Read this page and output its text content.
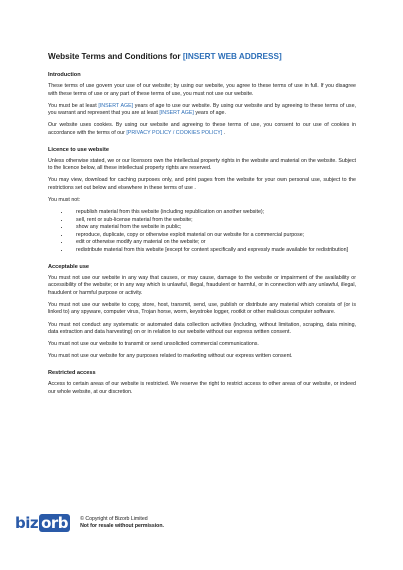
Website Terms and Conditions for [INSERT WEB ADDRESS]
Introduction

These terms of use govern your use of our website; by using our website, you agree to these terms of use in full. If you disagree with these terms of use or any part of these terms of use, you must not use our website.

You must be at least [INSERT AGE] years of age to use our website. By using our website and by agreeing to these terms of use, you warrant and represent that you are at least [INSERT AGE] years of age.

Our website uses cookies. By using our website and agreeing to these terms of use, you consent to our use of cookies in accordance with the terms of our [PRIVACY POLICY / COOKIES POLICY] .

Licence to use website

Unless otherwise stated, we or our licensors own the intellectual property rights in the website and material on the website. Subject to the licence below, all these intellectual property rights are reserved.

You may view, download for caching purposes only, and print pages from the website for your own personal use, subject to the restrictions set out below and elsewhere in these terms of use .

You must not:

• republish material from this website (including republication on another website);
• sell, rent or sub-license material from the website;
• show any material from the website in public;
• reproduce, duplicate, copy or otherwise exploit material on our website for a commercial purpose;
• edit or otherwise modify any material on the website; or
• redistribute material from this website [except for content specifically and expressly made available for redistribution]
Acceptable use

You must not use our website in any way that causes, or may cause, damage to the website or impairment of the availability or accessibility of the website; or in any way which is unlawful, illegal, fraudulent or harmful, or in connection with any unlawful, illegal, fraudulent or harmful purpose or activity.

You must not use our website to copy, store, host, transmit, send, use, publish or distribute any material which consists of (or is linked to) any spyware, computer virus, Trojan horse, worm, keystroke logger, rootkit or other malicious computer software.

You must not conduct any systematic or automated data collection activities (including, without limitation, scraping, data mining, data extraction and data harvesting) on or in relation to our website without our express written consent.

You must not use our website to transmit or send unsolicited commercial communications.

You must not use our website for any purposes related to marketing without our express written consent.

Restricted access

Access to certain areas of our website is restricted. We reserve the right to restrict access to other areas of our website, or indeed our whole website, at our discretion.

biz orb	© Copyright of Bizorb Limited
Not for resale without permission.
